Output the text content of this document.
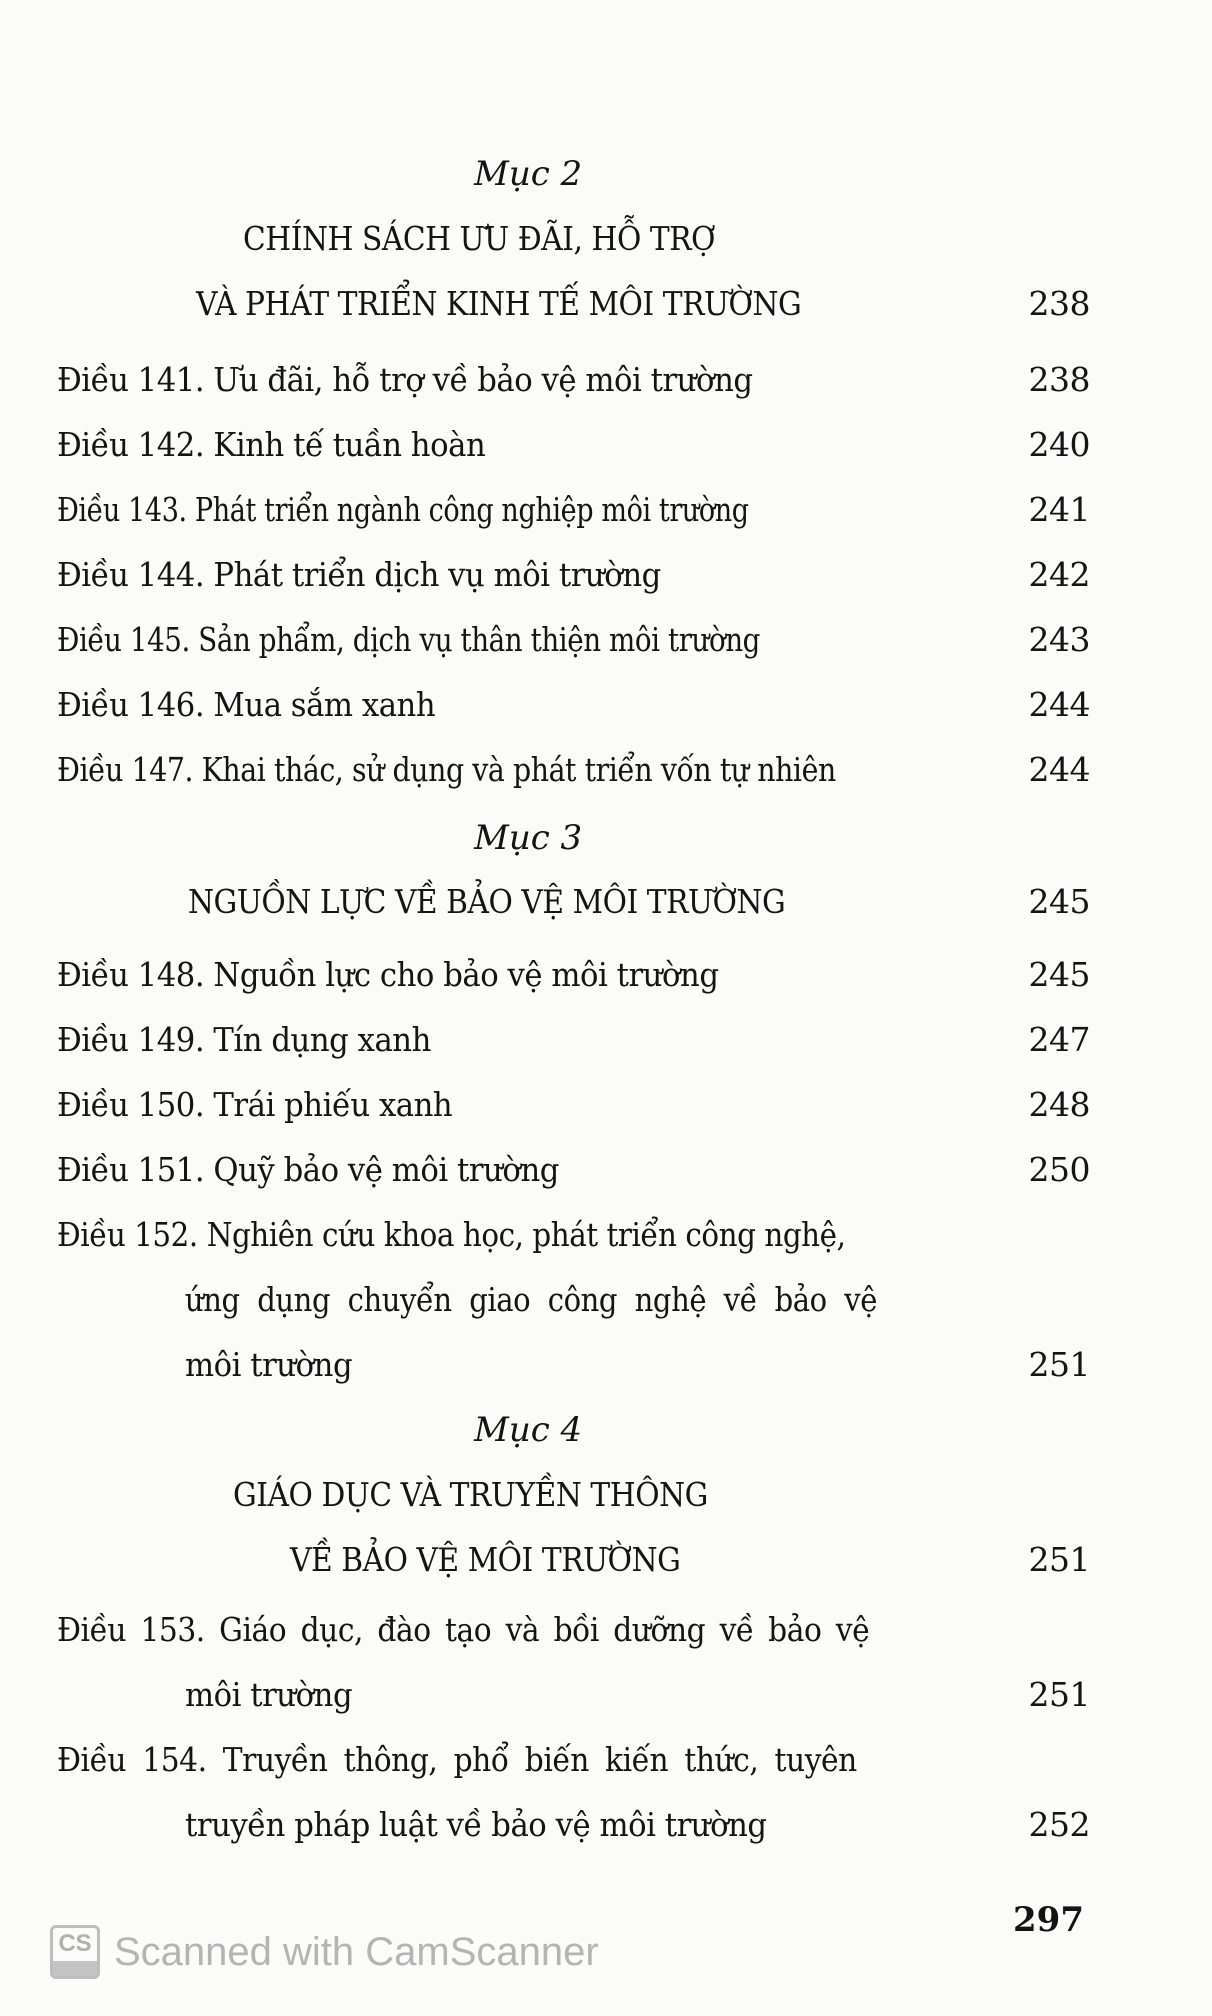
Mục 2
CHÍNH SÁCH ƯU ĐÃI, HỖ TRỢ
VÀ PHÁT TRIỂN KINH TẾ MÔI TRƯỜNG	238
Điều 141. Ưu đãi, hỗ trợ về bảo vệ môi trường	238
Điều 142. Kinh tế tuần hoàn	240
Điều 143. Phát triển ngành công nghiệp môi trường	241
Điều 144. Phát triển dịch vụ môi trường	242
Điều 145. Sản phẩm, dịch vụ thân thiện môi trường	243
Điều 146. Mua sắm xanh	244
Điều 147. Khai thác, sử dụng và phát triển vốn tự nhiên	244
Mục 3
NGUỒN LỰC VỀ BẢO VỆ MÔI TRƯỜNG	245
Điều 148. Nguồn lực cho bảo vệ môi trường	245
Điều 149. Tín dụng xanh	247
Điều 150. Trái phiếu xanh	248
Điều 151. Quỹ bảo vệ môi trường	250
Điều 152. Nghiên cứu khoa học, phát triển công nghệ,
ứng dụng chuyển giao công nghệ về bảo vệ
môi trường	251
Mục 4
GIÁO DỤC VÀ TRUYỀN THÔNG
VỀ BẢO VỆ MÔI TRƯỜNG	251
Điều 153. Giáo dục, đào tạo và bồi dưỡng về bảo vệ
môi trường	251
Điều 154. Truyền thông, phổ biến kiến thức, tuyên
truyền pháp luật về bảo vệ môi trường	252
297
CS Scanned with CamScanner
